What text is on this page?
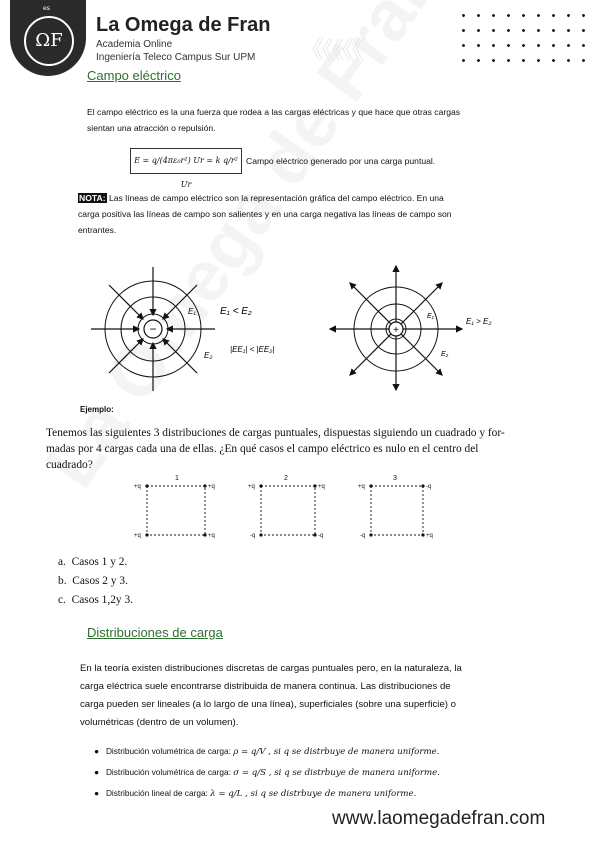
es
ΩF
La Omega de Fran
Academia Online
Ingeniería Teleco Campus Sur UPM 《《《《《
Campo eléctrico
El campo eléctrico es la una fuerza que rodea a las cargas eléctricas y que hace que otras cargas
sientan una atracción o repulsión.
E = q/(4πε₀r²) Ur = k q/r² Ur
Campo eléctrico generado por una carga puntual.
NOTA: Las líneas de campo eléctrico son la representación gráfica del campo eléctrico. En una
carga positiva las líneas de campo son salientes y en una carga negativa las líneas de campo son
entrantes.
−
E₁
E₂
E₁ < E₂
|EE₁| < |EE₂|
+
E₁
E₂
E₁ > E₂
Ejemplo:
Tenemos las siguientes 3 distribuciones de cargas puntuales, dispuestas siguiendo un cuadrado y for-
madas por 4 cargas cada una de ellas. ¿En qué casos el campo eléctrico es nulo en el centro del
cuadrado?
1
+q	+q
+q	+q
2
+q	+q
-q	-q
3
+q	-q
-q	+q
a. Casos 1 y 2.
b. Casos 2 y 3.
c. Casos 1,2y 3.
Distribuciones de carga
En la teoría existen distribuciones discretas de cargas puntuales pero, en la naturaleza, la
carga eléctrica suele encontrarse distribuida de manera continua. Las distribuciones de
carga pueden ser lineales (a lo largo de una línea), superficiales (sobre una superficie) o
volumétricas (dentro de un volumen).
● Distribución volumétrica de carga: ρ = q/V , si q se distrbuye de manera uniforme.
● Distribución volumétrica de carga: σ = q/S , si q se distrbuye de manera uniforme.
● Distribución lineal de carga: λ = q/L , si q se distrbuye de manera uniforme.
www.laomegadefran.com
